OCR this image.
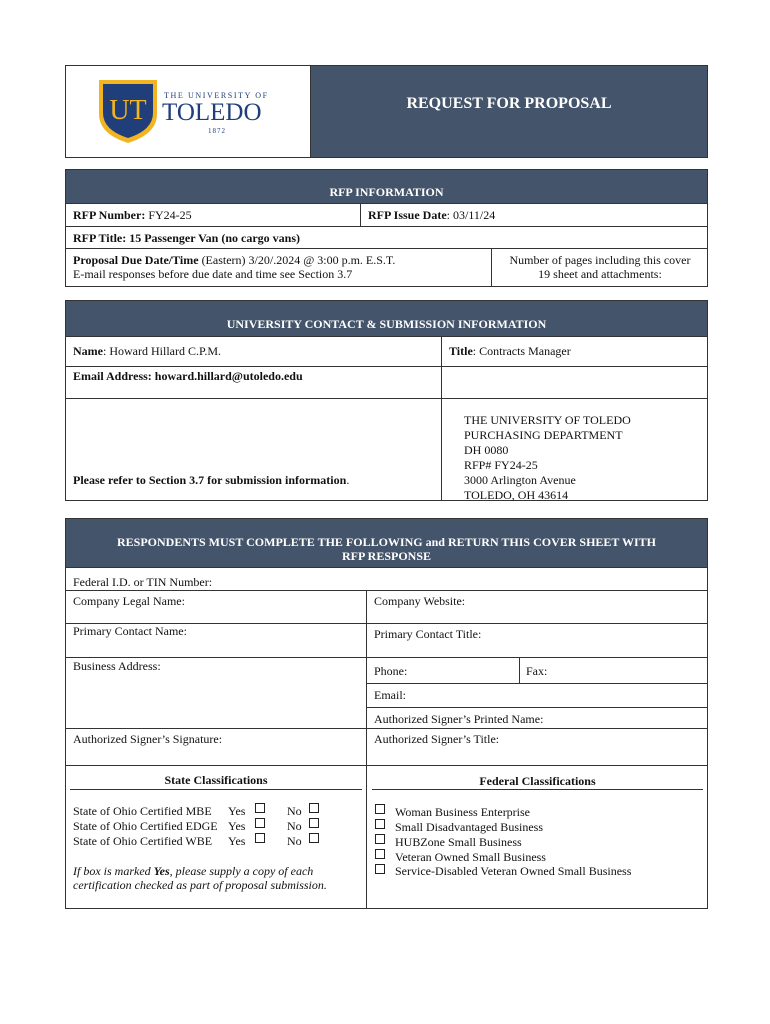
UT THE UNIVERSITY OF
TOLEDO
1872
REQUEST FOR PROPOSAL
RFP INFORMATION
RFP Number: FY24-25	RFP Issue Date: 03/11/24
RFP Title: 15 Passenger Van (no cargo vans)
Proposal Due Date/Time (Eastern) 3/20/.2024 @ 3:00 p.m. E.S.T.
E-mail responses before due date and time see Section 3.7
Number of pages including this cover
19 sheet and attachments:
UNIVERSITY CONTACT & SUBMISSION INFORMATION
Name: Howard Hillard C.P.M.	Title: Contracts Manager
Email Address: howard.hillard@utoledo.edu
Please refer to Section 3.7 for submission information.
THE UNIVERSITY OF TOLEDO
PURCHASING DEPARTMENT
DH 0080
RFP# FY24-25
3000 Arlington Avenue
TOLEDO, OH 43614
RESPONDENTS MUST COMPLETE THE FOLLOWING and RETURN THIS COVER SHEET WITH
RFP RESPONSE
Federal I.D. or TIN Number:
Company Legal Name:	Company Website:
Primary Contact Name:	Primary Contact Title:
Business Address:	Phone:	Fax:
Email:
Authorized Signer’s Printed Name:
Authorized Signer’s Signature:	Authorized Signer’s Title:
State Classifications
State of Ohio Certified MBE Yes	No
State of Ohio Certified EDGE Yes	No
State of Ohio Certified WBE Yes	No
If box is marked Yes, please supply a copy of each
certification checked as part of proposal submission.
Federal Classifications
Woman Business Enterprise
Small Disadvantaged Business
HUBZone Small Business
Veteran Owned Small Business
Service-Disabled Veteran Owned Small Business
